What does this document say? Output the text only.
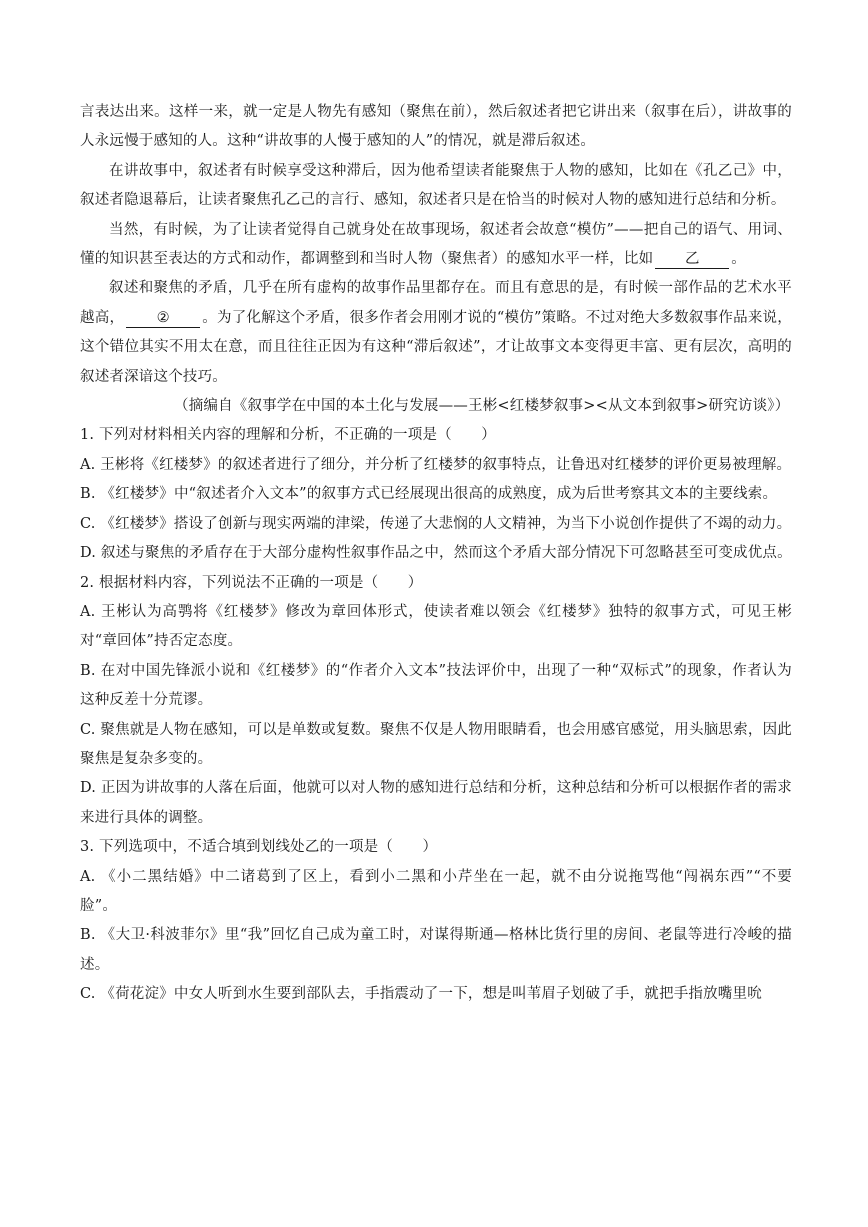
言表达出来。这样一来，就一定是人物先有感知（聚焦在前），然后叙述者把它讲出来（叙事在后），讲故事的人永远慢于感知的人。这种“讲故事的人慢于感知的人”的情况，就是滞后叙述。

在讲故事中，叙述者有时候享受这种滞后，因为他希望读者能聚焦于人物的感知，比如在《孔乙己》中，叙述者隐退幕后，让读者聚焦孔乙己的言行、感知，叙述者只是在恰当的时候对人物的感知进行总结和分析。

当然，有时候，为了让读者觉得自己就身处在故事现场，叙述者会故意“模仿”——把自己的语气、用词、懂的知识甚至表达的方式和动作，都调整到和当时人物（聚焦者）的感知水平一样，比如 乙 。

叙述和聚焦的矛盾，几乎在所有虚构的故事作品里都存在。而且有意思的是，有时候一部作品的艺术水平越高， ② 。为了化解这个矛盾，很多作者会用刚才说的“模仿”策略。不过对绝大多数叙事作品来说，这个错位其实不用太在意，而且往往正因为有这种“滞后叙述”，才让故事文本变得更丰富、更有层次，高明的叙述者深谙这个技巧。

（摘编自《叙事学在中国的本土化与发展——王彬<红楼梦叙事><从文本到叙事>研究访谈》）

1. 下列对材料相关内容的理解和分析，不正确的一项是（　　）

A. 王彬将《红楼梦》的叙述者进行了细分，并分析了红楼梦的叙事特点，让鲁迅对红楼梦的评价更易被理解。

B. 《红楼梦》中“叙述者介入文本”的叙事方式已经展现出很高的成熟度，成为后世考察其文本的主要线索。

C. 《红楼梦》搭设了创新与现实两端的津梁，传递了大悲悯的人文精神，为当下小说创作提供了不竭的动力。

D. 叙述与聚焦的矛盾存在于大部分虚构性叙事作品之中，然而这个矛盾大部分情况下可忽略甚至可变成优点。

2. 根据材料内容，下列说法不正确的一项是（　　）

A. 王彬认为高鹗将《红楼梦》修改为章回体形式，使读者难以领会《红楼梦》独特的叙事方式，可见王彬对“章回体”持否定态度。

B. 在对中国先锋派小说和《红楼梦》的“作者介入文本”技法评价中，出现了一种“双标式”的现象，作者认为这种反差十分荒谬。

C. 聚焦就是人物在感知，可以是单数或复数。聚焦不仅是人物用眼睛看，也会用感官感觉，用头脑思索，因此聚焦是复杂多变的。

D. 正因为讲故事的人落在后面，他就可以对人物的感知进行总结和分析，这种总结和分析可以根据作者的需求来进行具体的调整。

3. 下列选项中，不适合填到划线处乙的一项是（　　）

A. 《小二黑结婚》中二诸葛到了区上，看到小二黑和小芹坐在一起，就不由分说拖骂他“闯祸东西”“不要脸”。

B. 《大卫·科波菲尔》里“我”回忆自己成为童工时，对谋得斯通—格林比货行里的房间、老鼠等进行冷峻的描述。

C. 《荷花淀》中女人听到水生要到部队去，手指震动了一下，想是叫苇眉子划破了手，就把手指放嘴里吮
